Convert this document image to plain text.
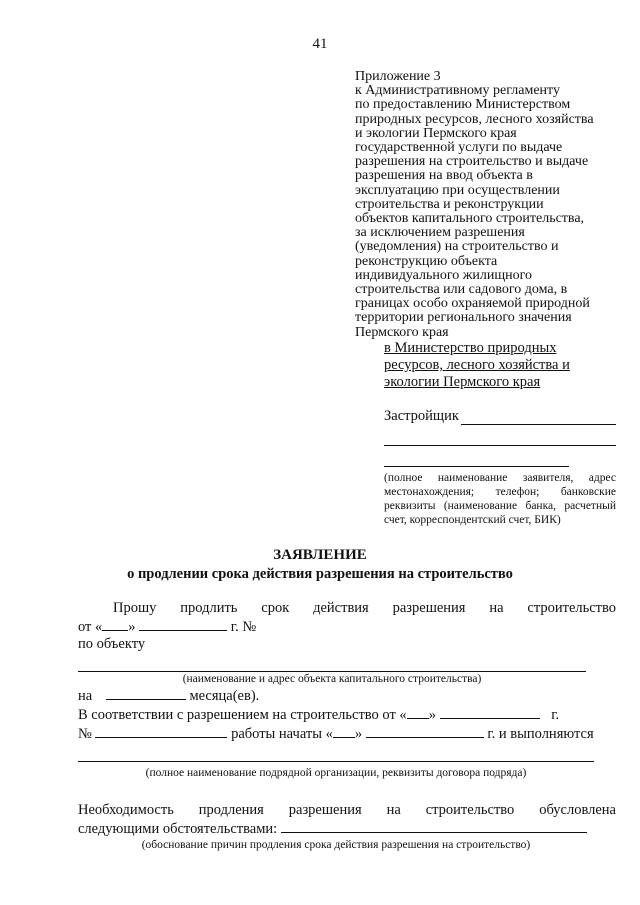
41
Приложение 3
к Административному регламенту
по предоставлению Министерством
природных ресурсов, лесного хозяйства
и экологии Пермского края
государственной услуги по выдаче
разрешения на строительство и выдаче
разрешения на ввод объекта в
эксплуатацию при осуществлении
строительства и реконструкции
объектов капитального строительства,
за исключением разрешения
(уведомления) на строительство и
реконструкцию объекта
индивидуального жилищного
строительства или садового дома, в
границах особо охраняемой природной
территории регионального значения
Пермского края
в Министерство природных
ресурсов, лесного хозяйства и
экологии Пермского края
Застройщик
(полное наименование заявителя, адрес местонахождения; телефон; банковские реквизиты (наименование банка, расчетный счет, корреспондентский счет, БИК)
ЗАЯВЛЕНИЕ
о продлении срока действия разрешения на строительство
Прошу продлить срок действия разрешения на строительство
от « »	г. №
по объекту
(наименование и адрес объекта капитального строительства)
на	месяца(ев).
В соответствии с разрешением на строительство от « »	г.
№	работы начаты « »	г. и выполняются
(полное наименование подрядной организации, реквизиты договора подряда)
Необходимость продления разрешения на строительство обусловлена
следующими обстоятельствами:
(обоснование причин продления срока действия разрешения на строительство)
